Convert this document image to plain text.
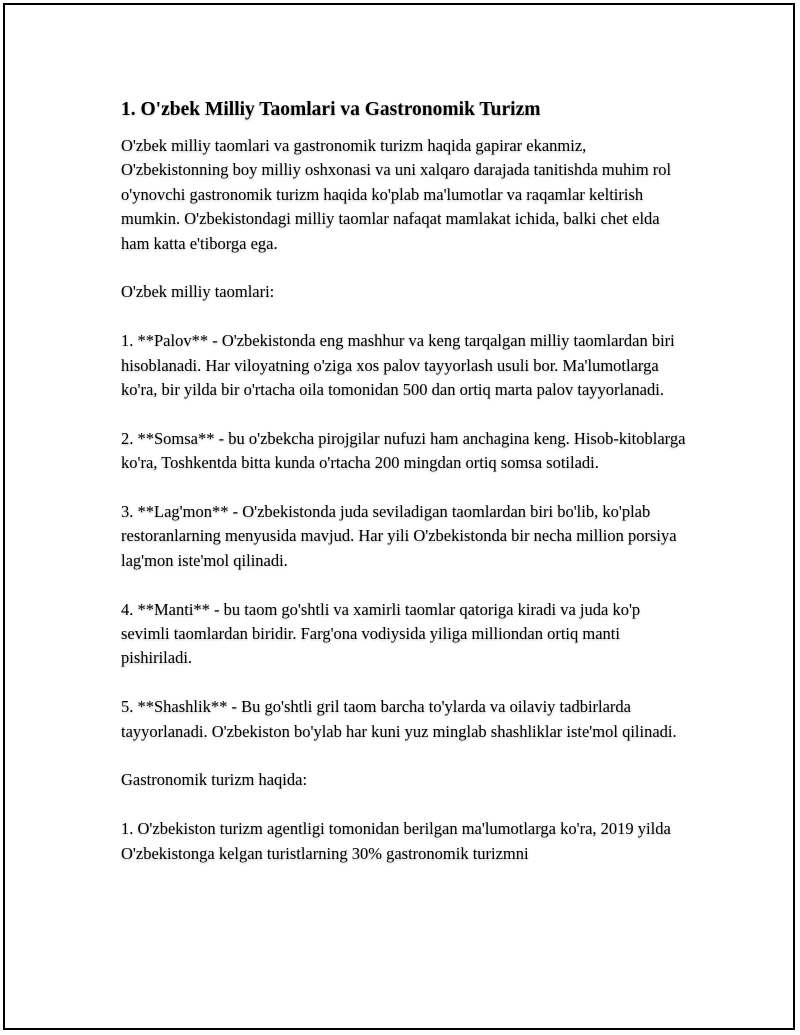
1. O'zbek Milliy Taomlari va Gastronomik Turizm

O'zbek milliy taomlari va gastronomik turizm haqida gapirar ekanmiz, O'zbekistonning boy milliy oshxonasi va uni xalqaro darajada tanitishda muhim rol o'ynovchi gastronomik turizm haqida ko'plab ma'lumotlar va raqamlar keltirish mumkin. O'zbekistondagi milliy taomlar nafaqat mamlakat ichida, balki chet elda ham katta e'tiborga ega.

O'zbek milliy taomlari:

1. **Palov** - O'zbekistonda eng mashhur va keng tarqalgan milliy taomlardan biri hisoblanadi. Har viloyatning o'ziga xos palov tayyorlash usuli bor. Ma'lumotlarga ko'ra, bir yilda bir o'rtacha oila tomonidan 500 dan ortiq marta palov tayyorlanadi.

2. **Somsa** - bu o'zbekcha pirojgilar nufuzi ham anchagina keng. Hisob-kitoblarga ko'ra, Toshkentda bitta kunda o'rtacha 200 mingdan ortiq somsa sotiladi.

3. **Lag'mon** - O'zbekistonda juda seviladigan taomlardan biri bo'lib, ko'plab restoranlarning menyusida mavjud. Har yili O'zbekistonda bir necha million porsiya lag'mon iste'mol qilinadi.

4. **Manti** - bu taom go'shtli va xamirli taomlar qatoriga kiradi va juda ko'p sevimli taomlardan biridir. Farg'ona vodiysida yiliga milliondan ortiq manti pishiriladi.

5. **Shashlik** - Bu go'shtli gril taom barcha to'ylarda va oilaviy tadbirlarda tayyorlanadi. O'zbekiston bo'ylab har kuni yuz minglab shashliklar iste'mol qilinadi.

Gastronomik turizm haqida:

1. O'zbekiston turizm agentligi tomonidan berilgan ma'lumotlarga ko'ra, 2019 yilda O'zbekistonga kelgan turistlarning 30% gastronomik turizmni
